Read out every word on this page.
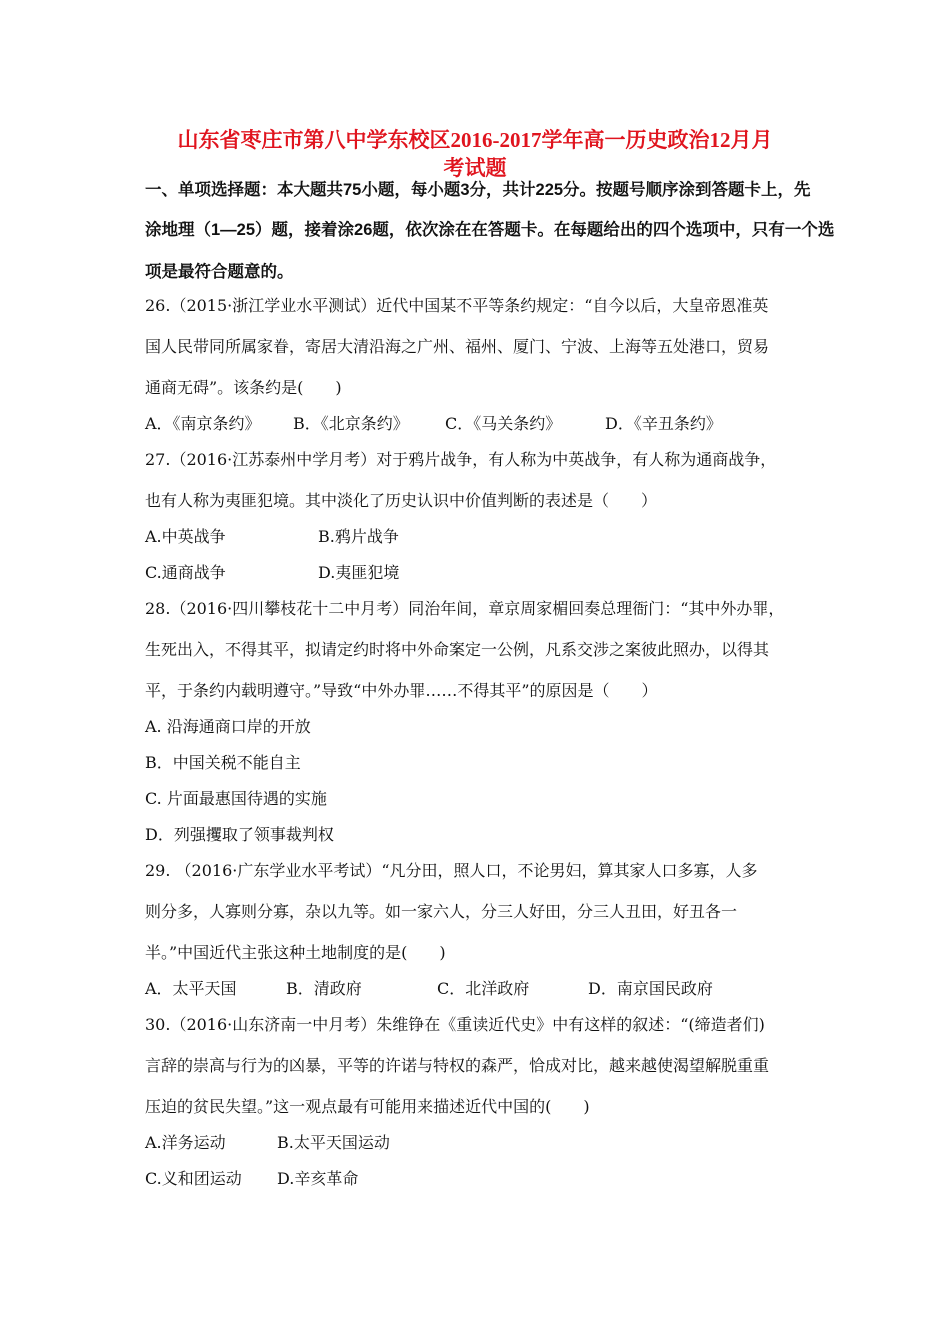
山东省枣庄市第八中学东校区2016-2017学年高一历史政治12月月
考试题
一、单项选择题：本大题共75小题，每小题3分，共计225分。按题号顺序涂到答题卡上，先
涂地理（1—25）题，接着涂26题，依次涂在在答题卡。在每题给出的四个选项中，只有一个选
项是最符合题意的。
26.（2015·浙江学业水平测试）近代中国某不平等条约规定：“自今以后，大皇帝恩准英
国人民带同所属家眷，寄居大清沿海之广州、福州、厦门、宁波、上海等五处港口，贸易
通商无碍”。该条约是(　　)
A．《南京条约》 B．《北京条约》 C．《马关条约》	D．《辛丑条约》
27.（2016·江苏泰州中学月考）对于鸦片战争，有人称为中英战争，有人称为通商战争，
也有人称为夷匪犯境。其中淡化了历史认识中价值判断的表述是（　　）
A.中英战争	B.鸦片战争
C.通商战争	D.夷匪犯境
28.（2016·四川攀枝花十二中月考）同治年间，章京周家楣回奏总理衙门：“其中外办罪，
生死出入，不得其平，拟请定约时将中外命案定一公例，凡系交涉之案彼此照办，以得其
平，于条约内载明遵守。”导致“中外办罪……不得其平”的原因是（　　）
A. 沿海通商口岸的开放
B．中国关税不能自主
C. 片面最惠国待遇的实施
D．列强攫取了领事裁判权
29. （2016·广东学业水平考试）“凡分田，照人口，不论男妇，算其家人口多寡，人多
则分多，人寡则分寡，杂以九等。如一家六人，分三人好田，分三人丑田，好丑各一
半。”中国近代主张这种土地制度的是(　　)
A．太平天国	B．清政府	C．北洋政府	D．南京国民政府
30.（2016·山东济南一中月考）朱维铮在《重读近代史》中有这样的叙述：“(缔造者们)
言辞的崇高与行为的凶暴，平等的许诺与特权的森严，恰成对比，越来越使渴望解脱重重
压迫的贫民失望。”这一观点最有可能用来描述近代中国的(　　)
A.洋务运动	B.太平天国运动
C.义和团运动 D.辛亥革命
